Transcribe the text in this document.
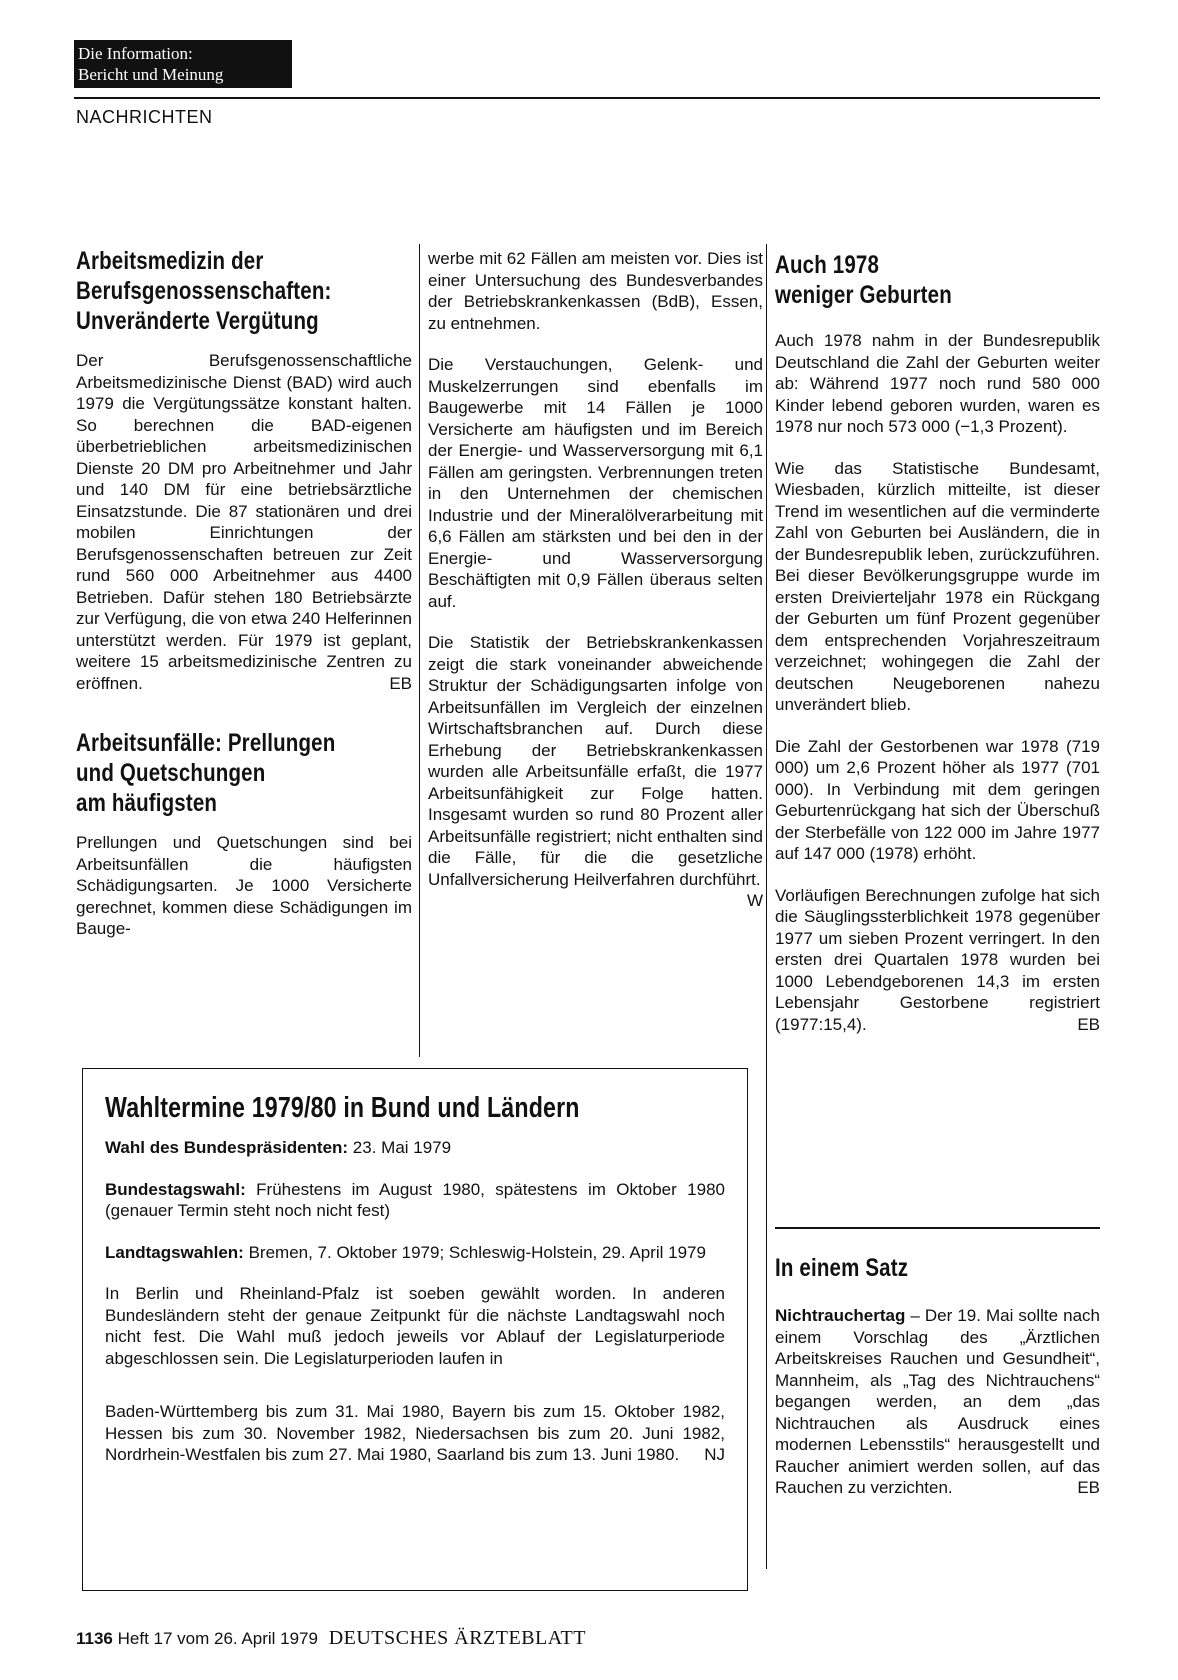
Die Information:
Bericht und Meinung
NACHRICHTEN
Arbeitsmedizin der
Berufsgenossenschaften:
Unveränderte Vergütung

Der Berufsgenossenschaftliche Arbeitsmedizinische Dienst (BAD) wird auch 1979 die Vergütungssätze konstant halten. So berechnen die BAD-eigenen überbetrieblichen arbeitsmedizinischen Dienste 20 DM pro Arbeitnehmer und Jahr und 140 DM für eine betriebsärztliche Einsatzstunde. Die 87 stationären und drei mobilen Einrichtungen der Berufsgenossenschaften betreuen zur Zeit rund 560 000 Arbeitnehmer aus 4400 Betrieben. Dafür stehen 180 Betriebsärzte zur Verfügung, die von etwa 240 Helferinnen unterstützt werden. Für 1979 ist geplant, weitere 15 arbeitsmedizinische Zentren zu eröffnen.	EB

Arbeitsunfälle: Prellungen
und Quetschungen
am häufigsten

Prellungen und Quetschungen sind bei Arbeitsunfällen die häufigsten Schädigungsarten. Je 1000 Versicherte gerechnet, kommen diese Schädigungen im Bauge-

werbe mit 62 Fällen am meisten vor. Dies ist einer Untersuchung des Bundesverbandes der Betriebskrankenkassen (BdB), Essen, zu entnehmen.

Die Verstauchungen, Gelenk- und Muskelzerrungen sind ebenfalls im Baugewerbe mit 14 Fällen je 1000 Versicherte am häufigsten und im Bereich der Energie- und Wasserversorgung mit 6,1 Fällen am geringsten. Verbrennungen treten in den Unternehmen der chemischen Industrie und der Mineralölverarbeitung mit 6,6 Fällen am stärksten und bei den in der Energie- und Wasserversorgung Beschäftigten mit 0,9 Fällen überaus selten auf.

Die Statistik der Betriebskrankenkassen zeigt die stark voneinander abweichende Struktur der Schädigungsarten infolge von Arbeitsunfällen im Vergleich der einzelnen Wirtschaftsbranchen auf. Durch diese Erhebung der Betriebskrankenkassen wurden alle Arbeitsunfälle erfaßt, die 1977 Arbeitsunfähigkeit zur Folge hatten. Insgesamt wurden so rund 80 Prozent aller Arbeitsunfälle registriert; nicht enthalten sind die Fälle, für die die gesetzliche Unfallversicherung Heilverfahren durchführt.
W

Auch 1978
weniger Geburten

Auch 1978 nahm in der Bundesrepublik Deutschland die Zahl der Geburten weiter ab: Während 1977 noch rund 580 000 Kinder lebend geboren wurden, waren es 1978 nur noch 573 000 (−1,3 Prozent).

Wie das Statistische Bundesamt, Wiesbaden, kürzlich mitteilte, ist dieser Trend im wesentlichen auf die verminderte Zahl von Geburten bei Ausländern, die in der Bundesrepublik leben, zurückzuführen. Bei dieser Bevölkerungsgruppe wurde im ersten Dreivierteljahr 1978 ein Rückgang der Geburten um fünf Prozent gegenüber dem entsprechenden Vorjahreszeitraum verzeichnet; wohingegen die Zahl der deutschen Neugeborenen nahezu unverändert blieb.

Die Zahl der Gestorbenen war 1978 (719 000) um 2,6 Prozent höher als 1977 (701 000). In Verbindung mit dem geringen Geburtenrückgang hat sich der Überschuß der Sterbefälle von 122 000 im Jahre 1977 auf 147 000 (1978) erhöht.

Vorläufigen Berechnungen zufolge hat sich die Säuglingssterblichkeit 1978 gegenüber 1977 um sieben Prozent verringert. In den ersten drei Quartalen 1978 wurden bei 1000 Lebendgeborenen 14,3 im ersten Lebensjahr Gestorbene registriert (1977:15,4).	EB

In einem Satz

Nichtrauchertag – Der 19. Mai sollte nach einem Vorschlag des „Ärztlichen Arbeitskreises Rauchen und Gesundheit“, Mannheim, als „Tag des Nichtrauchens“ begangen werden, an dem „das Nichtrauchen als Ausdruck eines modernen Lebensstils“ herausgestellt und Raucher animiert werden sollen, auf das Rauchen zu verzichten.	EB

Wahltermine 1979/80 in Bund und Ländern

Wahl des Bundespräsidenten: 23. Mai 1979

Bundestagswahl: Frühestens im August 1980, spätestens im Oktober 1980 (genauer Termin steht noch nicht fest)

Landtagswahlen: Bremen, 7. Oktober 1979; Schleswig-Holstein, 29. April 1979

In Berlin und Rheinland-Pfalz ist soeben gewählt worden. In anderen Bundesländern steht der genaue Zeitpunkt für die nächste Landtagswahl noch nicht fest. Die Wahl muß jedoch jeweils vor Ablauf der Legislaturperiode abgeschlossen sein. Die Legislaturperioden laufen in

Baden-Württemberg bis zum 31. Mai 1980, Bayern bis zum 15. Oktober 1982, Hessen bis zum 30. November 1982, Niedersachsen bis zum 20. Juni 1982, Nordrhein-Westfalen bis zum 27. Mai 1980, Saarland bis zum 13. Juni 1980. NJ

1136 Heft 17 vom 26. April 1979 DEUTSCHES ÄRZTEBLATT
